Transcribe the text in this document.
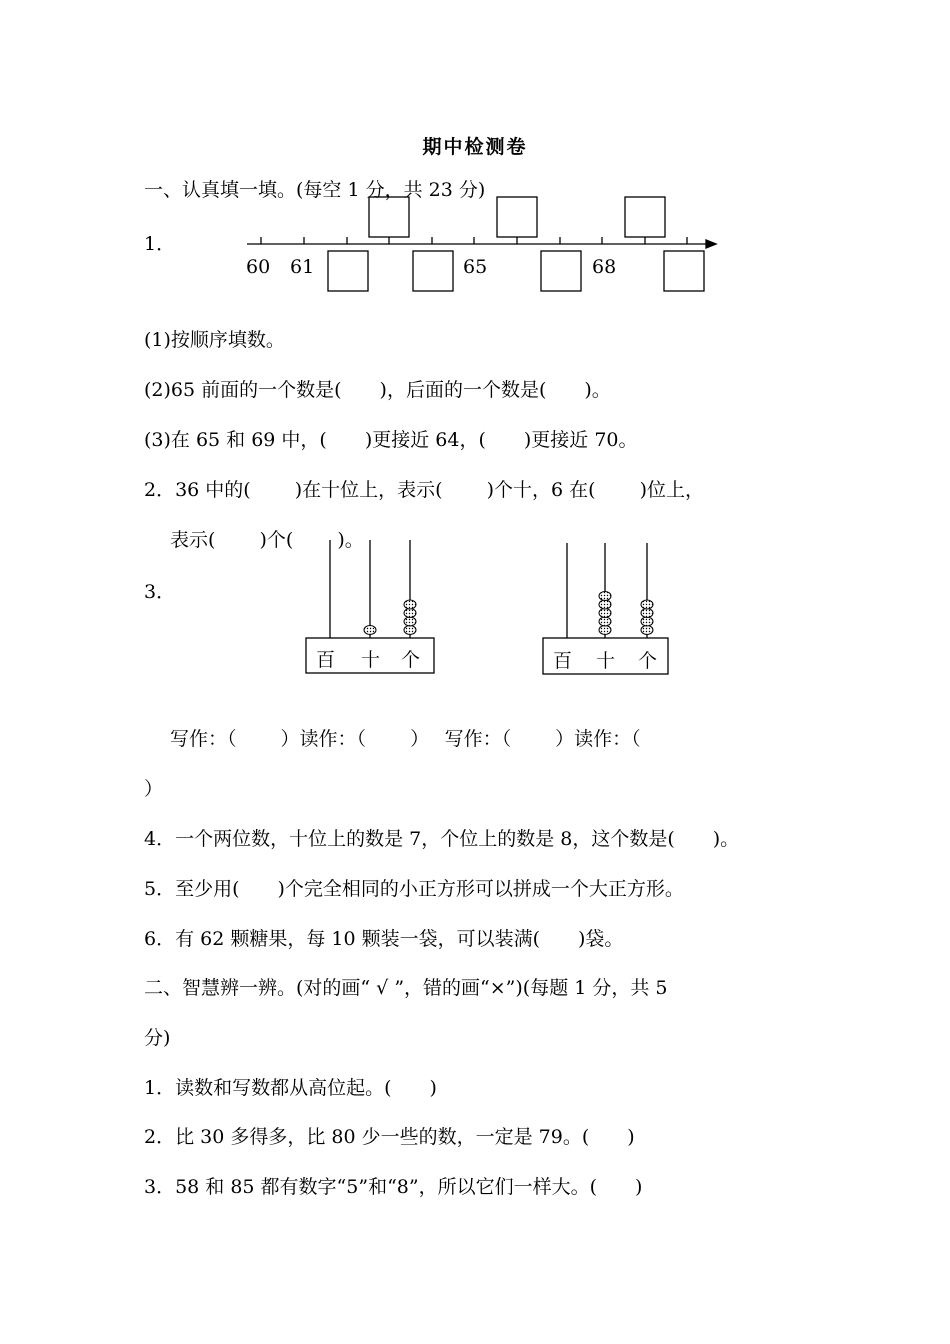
期中检测卷
一、认真填一填。(每空 1 分，共 23 分)
1．
60 61	65	68
(1)按顺序填数。
(2)65 前面的一个数是(　　)，后面的一个数是(　　)。
(3)在 65 和 69 中，(　　)更接近 64，(　　)更接近 70。
2．36 中的(　　 )在十位上，表示(　　 )个十，6 在(　　 )位上，
表示(　　 )个(　　 )。
3．
百 十 个	百 十 个
写作：（　　 ）读作：（　　 ）　 写作：（　　 ）读作：（
）
4．一个两位数，十位上的数是 7，个位上的数是 8，这个数是(　　)。
5．至少用(　　)个完全相同的小正方形可以拼成一个大正方形。
6．有 62 颗糖果，每 10 颗装一袋，可以装满(　　)袋。
二、智慧辨一辨。(对的画“ √ ”，错的画“×”)(每题 1 分，共 5
分)
1．读数和写数都从高位起。(　　)
2．比 30 多得多，比 80 少一些的数，一定是 79。(　　)
3．58 和 85 都有数字“5”和“8”，所以它们一样大。(　　)
